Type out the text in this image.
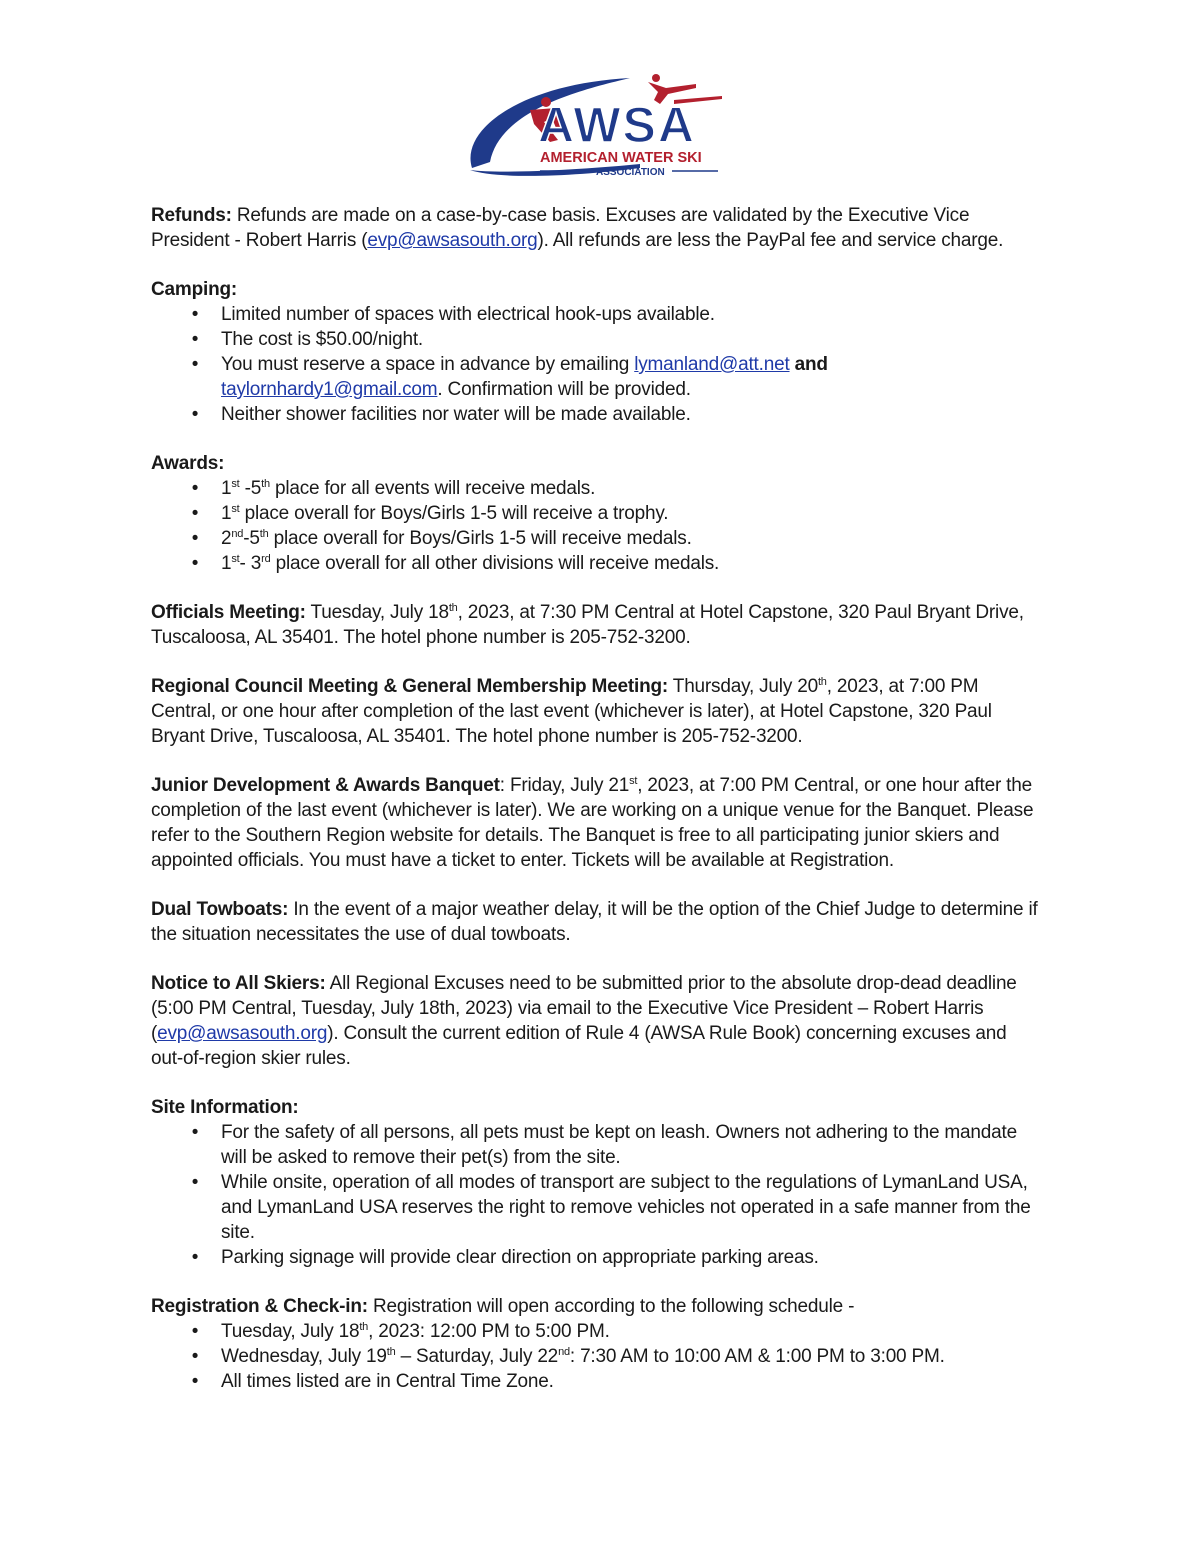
AWSA
AMERICAN WATER SKI
ASSOCIATION

Refunds: Refunds are made on a case-by-case basis. Excuses are validated by the Executive Vice President - Robert Harris (evp@awsasouth.org). All refunds are less the PayPal fee and service charge.

Camping:

•	Limited number of spaces with electrical hook-ups available.
•	The cost is $50.00/night.
•	You must reserve a space in advance by emailing lymanland@att.net and taylornhardy1@gmail.com. Confirmation will be provided.
•	Neither shower facilities nor water will be made available.

Awards:

•	1st -5th place for all events will receive medals.
•	1st place overall for Boys/Girls 1-5 will receive a trophy.
•	2nd-5th place overall for Boys/Girls 1-5 will receive medals.
•	1st- 3rd place overall for all other divisions will receive medals.

Officials Meeting: Tuesday, July 18th, 2023, at 7:30 PM Central at Hotel Capstone, 320 Paul Bryant Drive, Tuscaloosa, AL 35401. The hotel phone number is 205-752-3200.

Regional Council Meeting & General Membership Meeting: Thursday, July 20th, 2023, at 7:00 PM Central, or one hour after completion of the last event (whichever is later), at Hotel Capstone, 320 Paul Bryant Drive, Tuscaloosa, AL 35401. The hotel phone number is 205-752-3200.

Junior Development & Awards Banquet: Friday, July 21st, 2023, at 7:00 PM Central, or one hour after the completion of the last event (whichever is later). We are working on a unique venue for the Banquet. Please refer to the Southern Region website for details. The Banquet is free to all participating junior skiers and appointed officials. You must have a ticket to enter. Tickets will be available at Registration.

Dual Towboats: In the event of a major weather delay, it will be the option of the Chief Judge to determine if the situation necessitates the use of dual towboats.

Notice to All Skiers: All Regional Excuses need to be submitted prior to the absolute drop-dead deadline (5:00 PM Central, Tuesday, July 18th, 2023) via email to the Executive Vice President – Robert Harris (evp@awsasouth.org). Consult the current edition of Rule 4 (AWSA Rule Book) concerning excuses and out-of-region skier rules.

Site Information:

•	For the safety of all persons, all pets must be kept on leash. Owners not adhering to the mandate will be asked to remove their pet(s) from the site.
•	While onsite, operation of all modes of transport are subject to the regulations of LymanLand USA, and LymanLand USA reserves the right to remove vehicles not operated in a safe manner from the site.
•	Parking signage will provide clear direction on appropriate parking areas.

Registration & Check-in: Registration will open according to the following schedule -

•	Tuesday, July 18th, 2023: 12:00 PM to 5:00 PM.
•	Wednesday, July 19th – Saturday, July 22nd: 7:30 AM to 10:00 AM & 1:00 PM to 3:00 PM.
•	All times listed are in Central Time Zone.
